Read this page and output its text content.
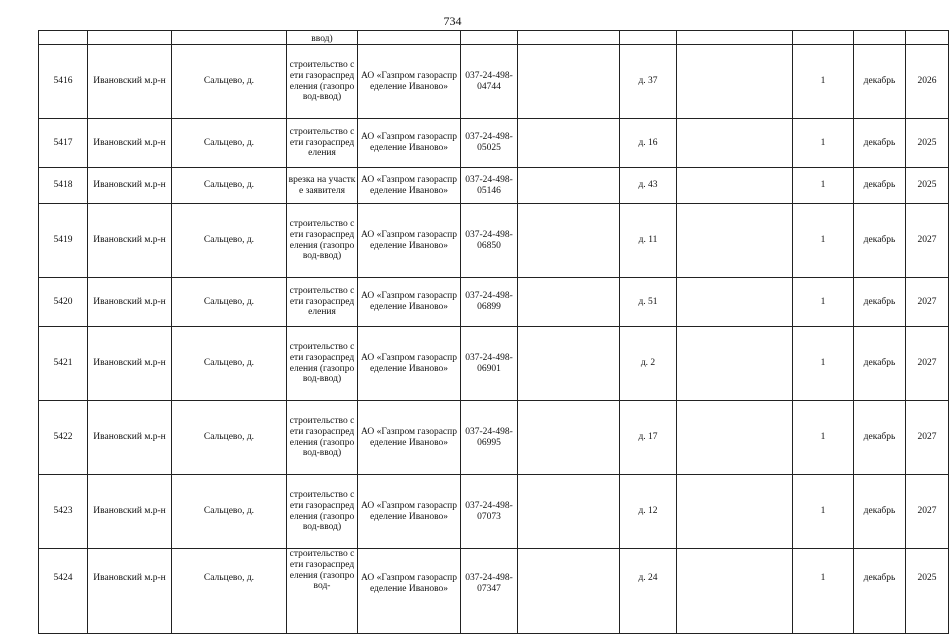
734
			ввод)								
5416	Ивановский м.р-н	Сальцево, д.	строительство сети газораспределения (газопровод-ввод)	АО «Газпром газораспределение Иваново»	037-24-498-04744		д. 37		1	декабрь	2026
5417	Ивановский м.р-н	Сальцево, д.	строительство сети газораспределения	АО «Газпром газораспределение Иваново»	037-24-498-05025		д. 16		1	декабрь	2025
5418	Ивановский м.р-н	Сальцево, д.	врезка на участке заявителя	АО «Газпром газораспределение Иваново»	037-24-498-05146		д. 43		1	декабрь	2025
5419	Ивановский м.р-н	Сальцево, д.	строительство сети газораспределения (газопровод-ввод)	АО «Газпром газораспределение Иваново»	037-24-498-06850		д. 11		1	декабрь	2027
5420	Ивановский м.р-н	Сальцево, д.	строительство сети газораспределения	АО «Газпром газораспределение Иваново»	037-24-498-06899		д. 51		1	декабрь	2027
5421	Ивановский м.р-н	Сальцево, д.	строительство сети газораспределения (газопровод-ввод)	АО «Газпром газораспределение Иваново»	037-24-498-06901		д. 2		1	декабрь	2027
5422	Ивановский м.р-н	Сальцево, д.	строительство сети газораспределения (газопровод-ввод)	АО «Газпром газораспределение Иваново»	037-24-498-06995		д. 17		1	декабрь	2027
5423	Ивановский м.р-н	Сальцево, д.	строительство сети газораспределения (газопровод-ввод)	АО «Газпром газораспределение Иваново»	037-24-498-07073		д. 12		1	декабрь	2027
5424	Ивановский м.р-н	Сальцево, д.	строительство сети газораспределения (газопровод-	АО «Газпром газораспределение Иваново»	037-24-498-07347		д. 24		1	декабрь	2025
